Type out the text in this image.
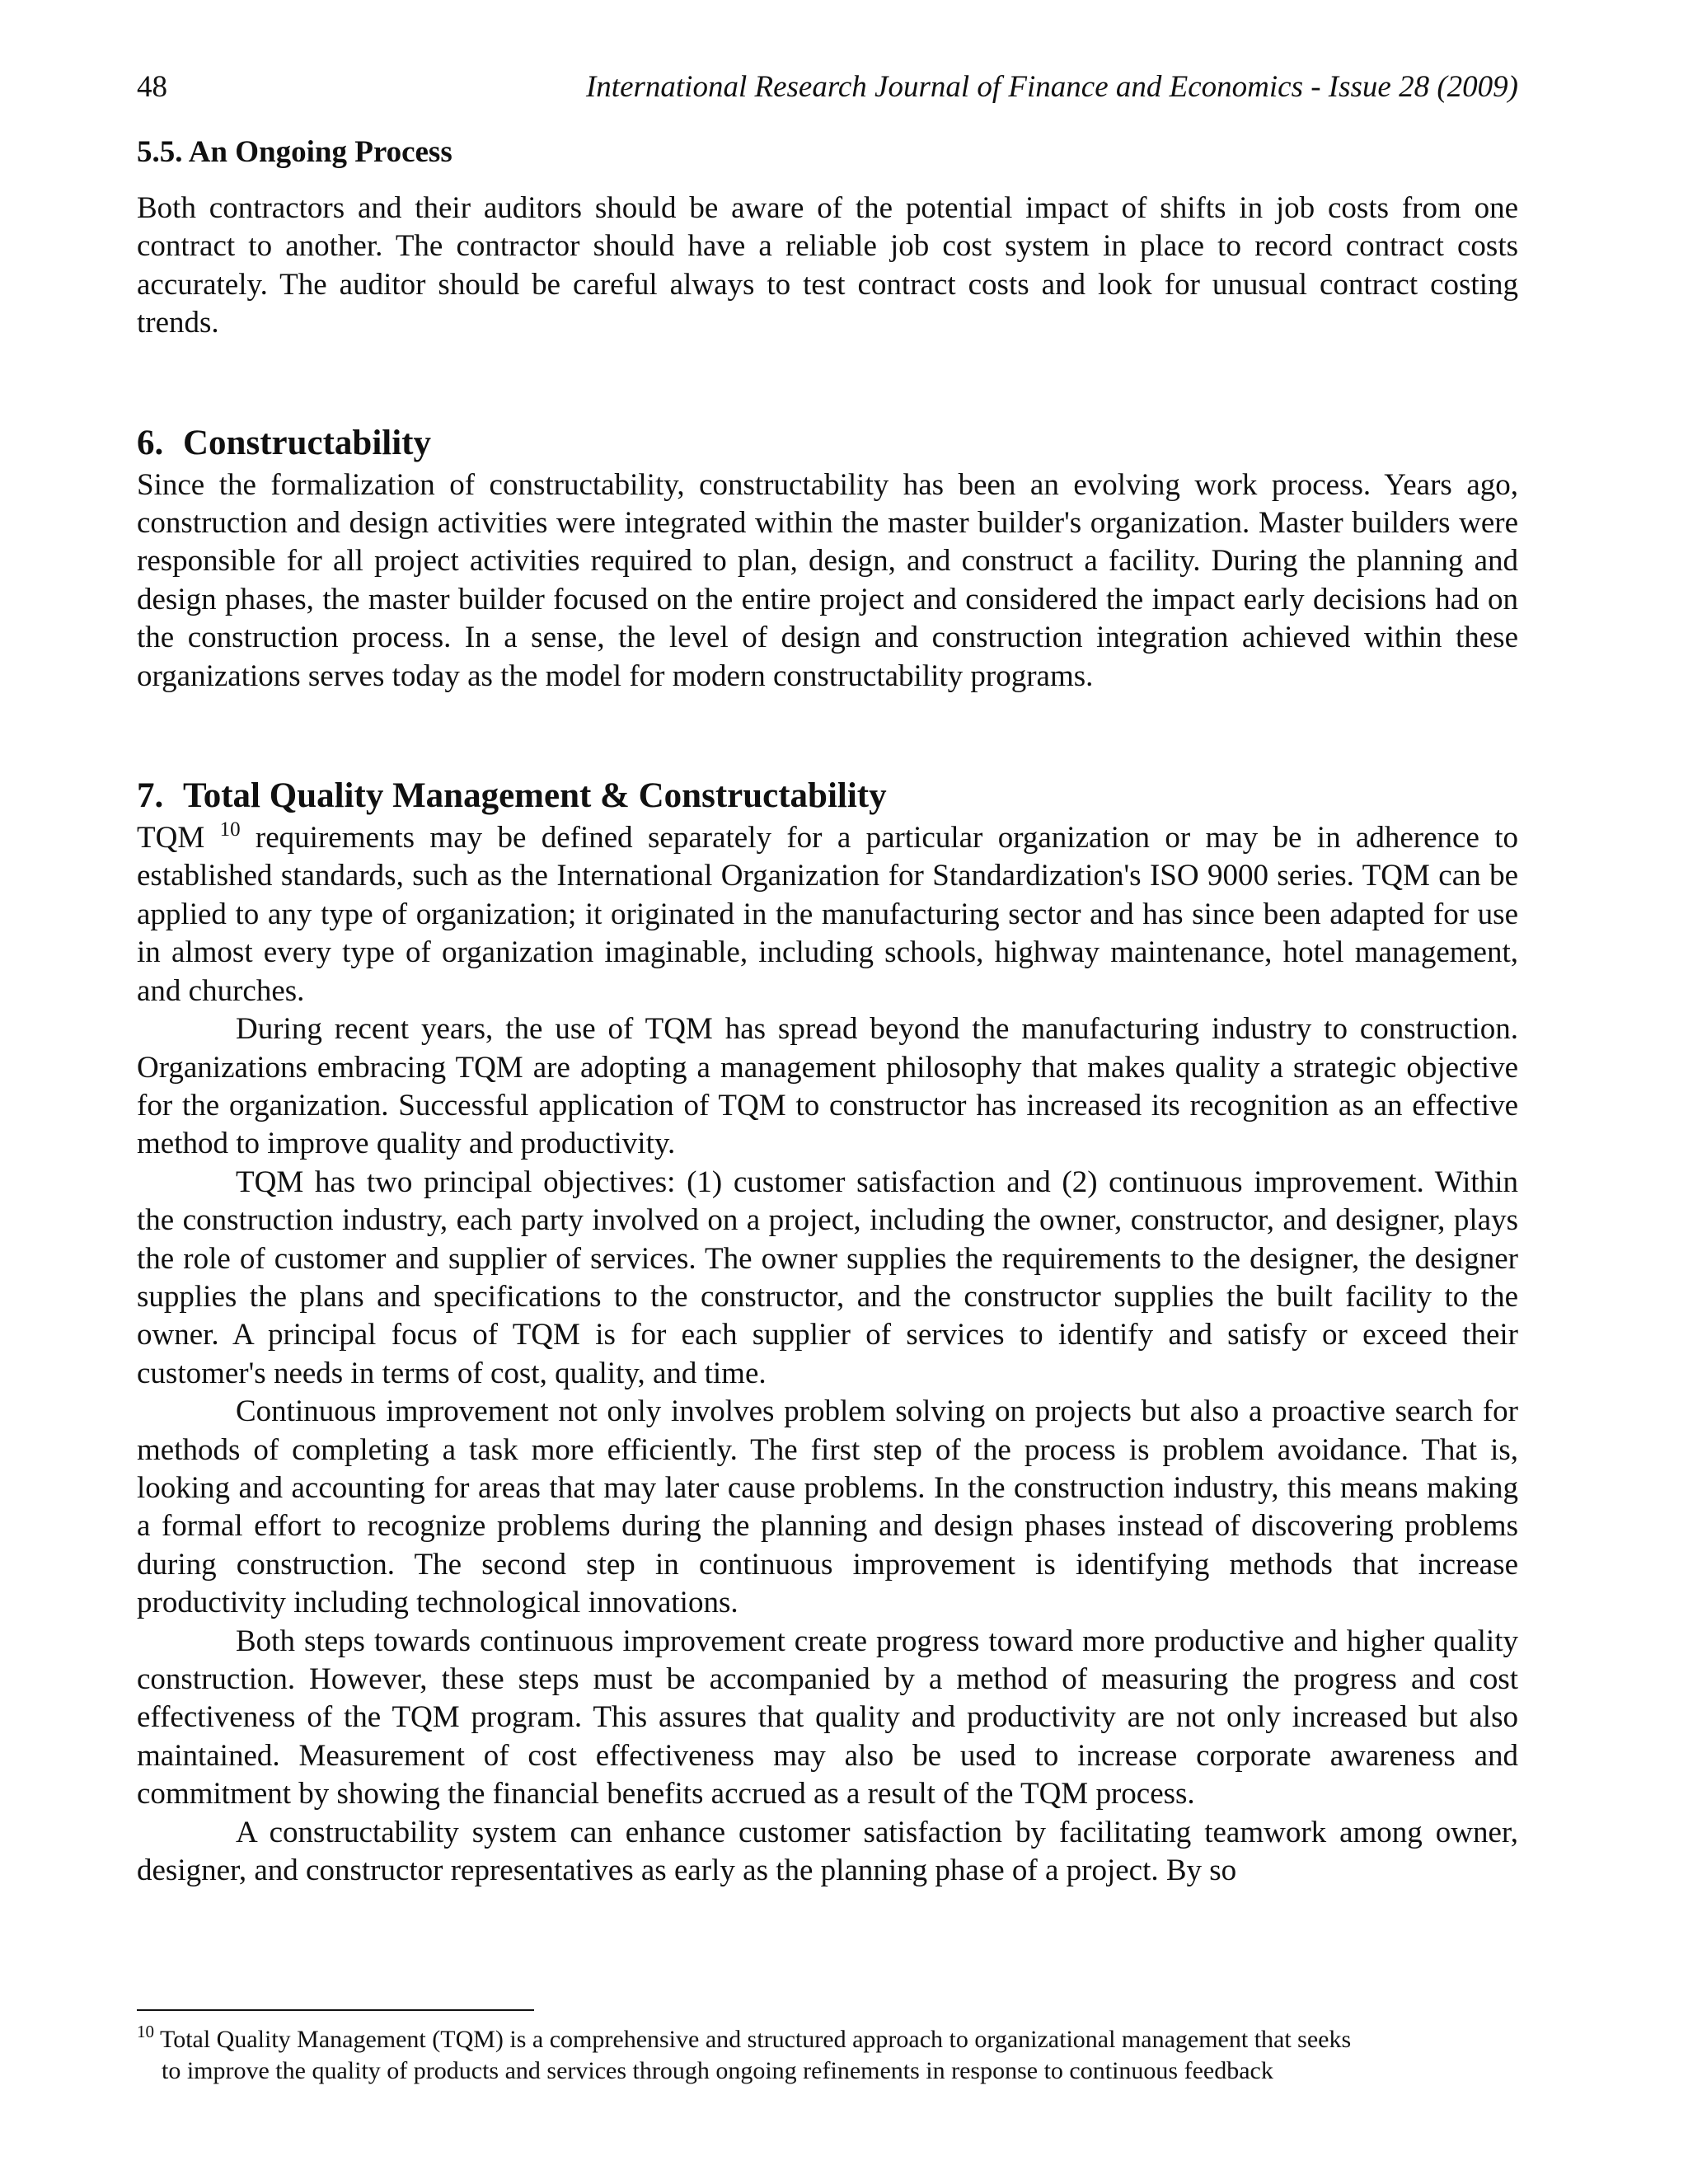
48	International Research Journal of Finance and Economics - Issue 28 (2009)
5.5. An Ongoing Process

Both contractors and their auditors should be aware of the potential impact of shifts in job costs from one contract to another. The contractor should have a reliable job cost system in place to record contract costs accurately. The auditor should be careful always to test contract costs and look for unusual contract costing trends.

6. Constructability

Since the formalization of constructability, constructability has been an evolving work process. Years ago, construction and design activities were integrated within the master builder's organization. Master builders were responsible for all project activities required to plan, design, and construct a facility. During the planning and design phases, the master builder focused on the entire project and considered the impact early decisions had on the construction process. In a sense, the level of design and construction integration achieved within these organizations serves today as the model for modern constructability programs.

7. Total Quality Management & Constructability

TQM $^{10}$ requirements may be defined separately for a particular organization or may be in adherence to established standards, such as the International Organization for Standardization's ISO 9000 series. TQM can be applied to any type of organization; it originated in the manufacturing sector and has since been adapted for use in almost every type of organization imaginable, including schools, highway maintenance, hotel management, and churches.

During recent years, the use of TQM has spread beyond the manufacturing industry to construction. Organizations embracing TQM are adopting a management philosophy that makes quality a strategic objective for the organization. Successful application of TQM to constructor has increased its recognition as an effective method to improve quality and productivity.

TQM has two principal objectives: (1) customer satisfaction and (2) continuous improvement. Within the construction industry, each party involved on a project, including the owner, constructor, and designer, plays the role of customer and supplier of services. The owner supplies the requirements to the designer, the designer supplies the plans and specifications to the constructor, and the constructor supplies the built facility to the owner. A principal focus of TQM is for each supplier of services to identify and satisfy or exceed their customer's needs in terms of cost, quality, and time.

Continuous improvement not only involves problem solving on projects but also a proactive search for methods of completing a task more efficiently. The first step of the process is problem avoidance. That is, looking and accounting for areas that may later cause problems. In the construction industry, this means making a formal effort to recognize problems during the planning and design phases instead of discovering problems during construction. The second step in continuous improvement is identifying methods that increase productivity including technological innovations.

Both steps towards continuous improvement create progress toward more productive and higher quality construction. However, these steps must be accompanied by a method of measuring the progress and cost effectiveness of the TQM program. This assures that quality and productivity are not only increased but also maintained. Measurement of cost effectiveness may also be used to increase corporate awareness and commitment by showing the financial benefits accrued as a result of the TQM process.

A constructability system can enhance customer satisfaction by facilitating teamwork among owner, designer, and constructor representatives as early as the planning phase of a project. By so

$^{10}$ Total Quality Management (TQM) is a comprehensive and structured approach to organizational management that seeks
to improve the quality of products and services through ongoing refinements in response to continuous feedback
